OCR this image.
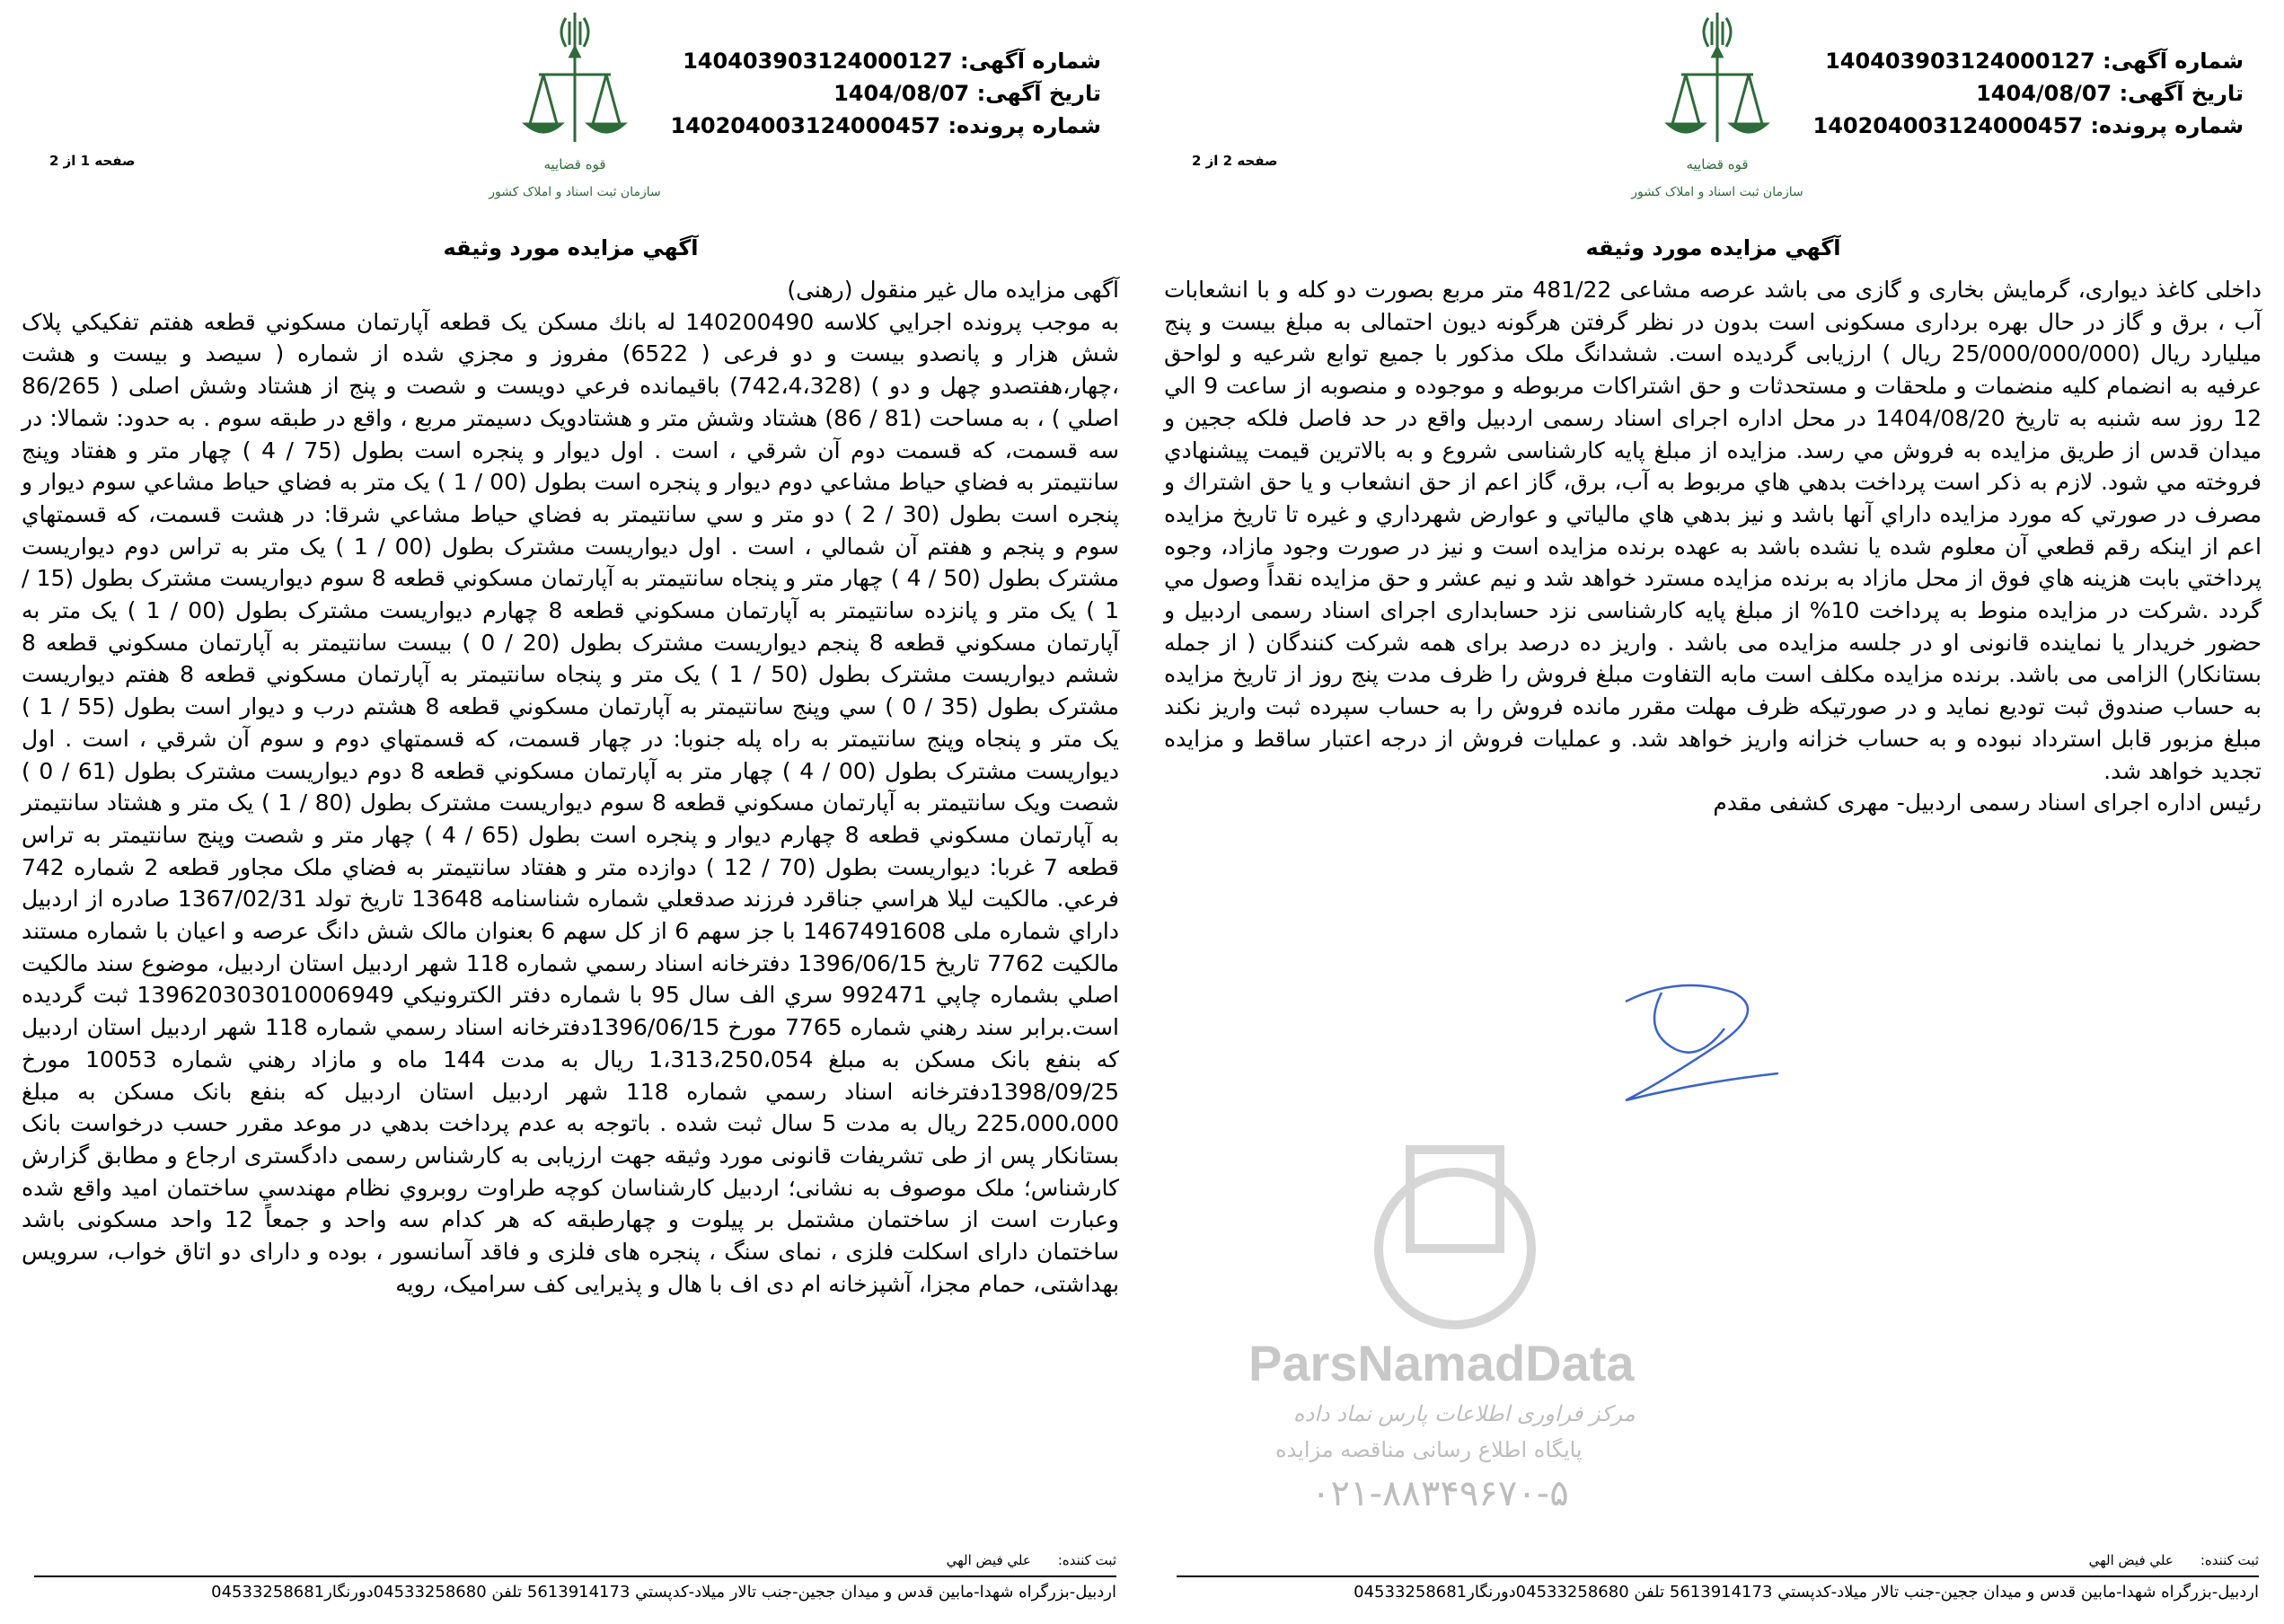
شماره آگهی: 140403903124000127
تاریخ آگهی: 1404/08/07
شماره پرونده: 140204003124000457
قوه قضاییه
سازمان ثبت اسناد و املاک کشور
صفحه 1 از 2
آگهي مزايده مورد وثيقه

آگهی مزايده مال غير منقول (رهنی)

به موجب پرونده اجرايي كلاسه 140200490 له بانك مسکن يک قطعه آپارتمان مسكوني قطعه هفتم تفكيكي پلاک شش هزار و پانصدو بيست و دو فرعی ( 6522) مفروز و مجزي شده از شماره ( سيصد و بيست و هشت ،چهار،هفتصدو چهل و دو ) (742،4،328) باقيمانده فرعي دويست و شصت و پنج از هشتاد وشش اصلی ( 86/265 اصلي ) ، به مساحت (81 / 86) هشتاد وشش متر و هشتادويک دسيمتر مربع ، واقع در طبقه سوم . به حدود: شمالا: در سه قسمت، كه قسمت دوم آن شرقي ، است . اول ديوار و پنجره است بطول (75 / 4 ) چهار متر و هفتاد وپنج سانتيمتر به فضاي حياط مشاعي دوم ديوار و پنجره است بطول (00 / 1 ) يک متر به فضاي حياط مشاعي سوم ديوار و پنجره است بطول (30 / 2 ) دو متر و سي سانتيمتر به فضاي حياط مشاعي شرقا: در هشت قسمت، كه قسمتهاي سوم و پنجم و هفتم آن شمالي ، است . اول ديواريست مشترک بطول (00 / 1 ) يک متر به تراس دوم ديواريست مشترک بطول (50 / 4 ) چهار متر و پنجاه سانتيمتر به آپارتمان مسكوني قطعه 8 سوم ديواريست مشترک بطول (15 / 1 ) يک متر و پانزده سانتيمتر به آپارتمان مسكوني قطعه 8 چهارم ديواريست مشترک بطول (00 / 1 ) يک متر به آپارتمان مسكوني قطعه 8 پنجم ديواريست مشترک بطول (20 / 0 ) بيست سانتيمتر به آپارتمان مسكوني قطعه 8 ششم ديواريست مشترک بطول (50 / 1 ) يک متر و پنجاه سانتيمتر به آپارتمان مسكوني قطعه 8 هفتم ديواريست مشترک بطول (35 / 0 ) سي وپنج سانتيمتر به آپارتمان مسكوني قطعه 8 هشتم درب و ديوار است بطول (55 / 1 ) يک متر و پنجاه وپنج سانتيمتر به راه پله جنوبا: در چهار قسمت، كه قسمتهاي دوم و سوم آن شرقي ، است . اول ديواريست مشترک بطول (00 / 4 ) چهار متر به آپارتمان مسكوني قطعه 8 دوم ديواريست مشترک بطول (61 / 0 ) شصت ويک سانتيمتر به آپارتمان مسكوني قطعه 8 سوم ديواريست مشترک بطول (80 / 1 ) يک متر و هشتاد سانتيمتر به آپارتمان مسكوني قطعه 8 چهارم ديوار و پنجره است بطول (65 / 4 ) چهار متر و شصت وپنج سانتيمتر به تراس قطعه 7 غربا: ديواريست بطول (70 / 12 ) دوازده متر و هفتاد سانتيمتر به فضاي ملک مجاور قطعه 2 شماره 742 فرعي. مالكيت ليلا هراسي جناقرد فرزند صدقعلي شماره شناسنامه 13648 تاريخ تولد 1367/02/31 صادره از اردبيل داراي شماره ملی 1467491608 با جز سهم 6 از کل سهم 6 بعنوان مالک شش دانگ عرصه و اعيان با شماره مستند مالكيت 7762 تاريخ 1396/06/15 دفترخانه اسناد رسمي شماره 118 شهر اردبيل استان اردبيل، موضوع سند مالكيت اصلي بشماره چاپي 992471 سري الف سال 95 با شماره دفتر الكترونيكي 139620303010006949 ثبت گرديده است.برابر سند رهني شماره 7765 مورخ 1396/06/15دفترخانه اسناد رسمي شماره 118 شهر اردبيل استان اردبيل كه بنفع بانک مسکن به مبلغ 1،313،250،054 ريال به مدت 144 ماه و مازاد رهني شماره 10053 مورخ 1398/09/25دفترخانه اسناد رسمي شماره 118 شهر اردبيل استان اردبيل كه بنفع بانک مسکن به مبلغ 225،000،000 ريال به مدت 5 سال ثبت شده . باتوجه به عدم پرداخت بدهي در موعد مقرر حسب درخواست بانک بستانکار پس از طی تشريفات قانونی مورد وثيقه جهت ارزيابی به کارشناس رسمی دادگستری ارجاع و مطابق گزارش کارشناس؛ ملک موصوف به نشانی؛ اردبيل کارشناسان کوچه طراوت روبروي نظام مهندسي ساختمان اميد واقع شده وعبارت است از ساختمان مشتمل بر پيلوت و چهارطبقه که هر کدام سه واحد و جمعاً 12 واحد مسکونی باشد ساختمان دارای اسکلت فلزی ، نمای سنگ ، پنجره های فلزی و فاقد آسانسور ، بوده و دارای دو اتاق خواب، سرويس بهداشتی، حمام مجزا، آشپزخانه ام دی اف با هال و پذيرايی کف سراميک، رويه

ثبت کننده:علي فيض الهي
اردبيل-بزرگراه شهدا-مابين قدس و ميدان ججين-جنب تالار ميلاد-کدپستي 5613914173 تلفن 04533258680دورنگار04533258681
شماره آگهی: 140403903124000127
تاریخ آگهی: 1404/08/07
شماره پرونده: 140204003124000457
قوه قضاییه
سازمان ثبت اسناد و املاک کشور
صفحه 2 از 2
آگهي مزايده مورد وثيقه

داخلی کاغذ ديواری، گرمايش بخاری و گازی می باشد عرصه مشاعی 481/22 متر مربع بصورت دو کله و با انشعابات آب ، برق و گاز در حال بهره برداری مسکونی است بدون در نظر گرفتن هرگونه ديون احتمالی به مبلغ بيست و پنج ميليارد ريال (25/000/000/000 ريال ) ارزيابی گرديده است. ششدانگ ملک مذکور با جميع توابع شرعيه و لواحق عرفيه به انضمام کليه منضمات و ملحقات و مستحدثات و حق اشتراکات مربوطه و موجوده و منصوبه از ساعت 9 الي 12 روز سه شنبه به تاريخ 1404/08/20 در محل اداره اجرای اسناد رسمی اردبيل واقع در حد فاصل فلکه ججين و ميدان قدس از طريق مزايده به فروش مي رسد. مزايده از مبلغ پايه کارشناسی شروع و به بالاترين قيمت پيشنهادي فروخته مي شود. لازم به ذكر است پرداخت بدهي هاي مربوط به آب، برق، گاز اعم از حق انشعاب و يا حق اشتراك و مصرف در صورتي كه مورد مزايده داراي آنها باشد و نيز بدهي هاي مالياتي و عوارض شهرداري و غيره تا تاريخ مزايده اعم از اينكه رقم قطعي آن معلوم شده يا نشده باشد به عهده برنده مزايده است و نيز در صورت وجود مازاد، وجوه پرداختي بابت هزينه هاي فوق از محل مازاد به برنده مزايده مسترد خواهد شد و نيم عشر و حق مزايده نقداً وصول مي گردد .شرکت در مزايده منوط به پرداخت 10% از مبلغ پايه کارشناسی نزد حسابداری اجرای اسناد رسمی اردبيل و حضور خريدار يا نماينده قانونی او در جلسه مزايده می باشد . واريز ده درصد برای همه شرکت کنندگان ( از جمله بستانکار) الزامی می باشد. برنده مزايده مکلف است مابه التفاوت مبلغ فروش را ظرف مدت پنج روز از تاريخ مزايده به حساب صندوق ثبت توديع نمايد و در صورتيکه ظرف مهلت مقرر مانده فروش را به حساب سپرده ثبت واريز نکند مبلغ مزبور قابل استرداد نبوده و به حساب خزانه واريز خواهد شد. و عمليات فروش از درجه اعتبار ساقط و مزايده تجديد خواهد شد.

رئيس اداره اجرای اسناد رسمی اردبيل- مهری کشفی مقدم

ثبت کننده:علي فيض الهي
اردبيل-بزرگراه شهدا-مابين قدس و ميدان ججين-جنب تالار ميلاد-کدپستي 5613914173 تلفن 04533258680دورنگار04533258681
ParsNamadData
مرکز فراوری اطلاعات پارس نماد داده
پایگاه اطلاع رسانی مناقصه مزایده
۰۲۱-۸۸۳۴۹۶۷۰-۵
